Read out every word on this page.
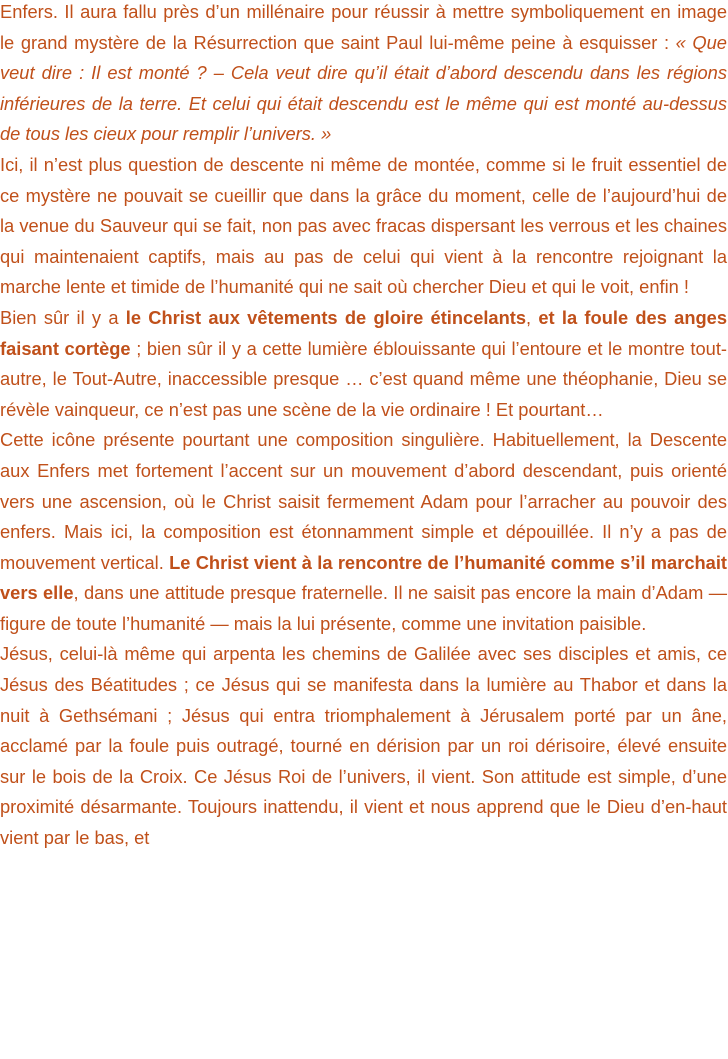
Enfers. Il aura fallu près d’un millénaire pour réussir à mettre symboliquement en image le grand mystère de la Résurrection que saint Paul lui-même peine à esquisser : « Que veut dire : Il est monté ? – Cela veut dire qu’il était d’abord descendu dans les régions inférieures de la terre. Et celui qui était descendu est le même qui est monté au-dessus de tous les cieux pour remplir l’univers. »

Ici, il n’est plus question de descente ni même de montée, comme si le fruit essentiel de ce mystère ne pouvait se cueillir que dans la grâce du moment, celle de l’aujourd’hui de la venue du Sauveur qui se fait, non pas avec fracas dispersant les verrous et les chaines qui maintenaient captifs, mais au pas de celui qui vient à la rencontre rejoignant la marche lente et timide de l’humanité qui ne sait où chercher Dieu et qui le voit, enfin !

Bien sûr il y a le Christ aux vêtements de gloire étincelants, et la foule des anges faisant cortège ; bien sûr il y a cette lumière éblouissante qui l’entoure et le montre tout-autre, le Tout-Autre, inaccessible presque … c’est quand même une théophanie, Dieu se révèle vainqueur, ce n’est pas une scène de la vie ordinaire ! Et pourtant…

Cette icône présente pourtant une composition singulière. Habituellement, la Descente aux Enfers met fortement l’accent sur un mouvement d’abord descendant, puis orienté vers une ascension, où le Christ saisit fermement Adam pour l’arracher au pouvoir des enfers. Mais ici, la composition est étonnamment simple et dépouillée. Il n’y a pas de mouvement vertical. Le Christ vient à la rencontre de l’humanité comme s’il marchait vers elle, dans une attitude presque fraternelle. Il ne saisit pas encore la main d’Adam — figure de toute l’humanité — mais la lui présente, comme une invitation paisible.

Jésus, celui-là même qui arpenta les chemins de Galilée avec ses disciples et amis, ce Jésus des Béatitudes ; ce Jésus qui se manifesta dans la lumière au Thabor et dans la nuit à Gethsémani ; Jésus qui entra triomphalement à Jérusalem porté par un âne, acclamé par la foule puis outragé, tourné en dérision par un roi dérisoire, élevé ensuite sur le bois de la Croix. Ce Jésus Roi de l’univers, il vient. Son attitude est simple, d’une proximité désarmante. Toujours inattendu, il vient et nous apprend que le Dieu d’en-haut vient par le bas, et
